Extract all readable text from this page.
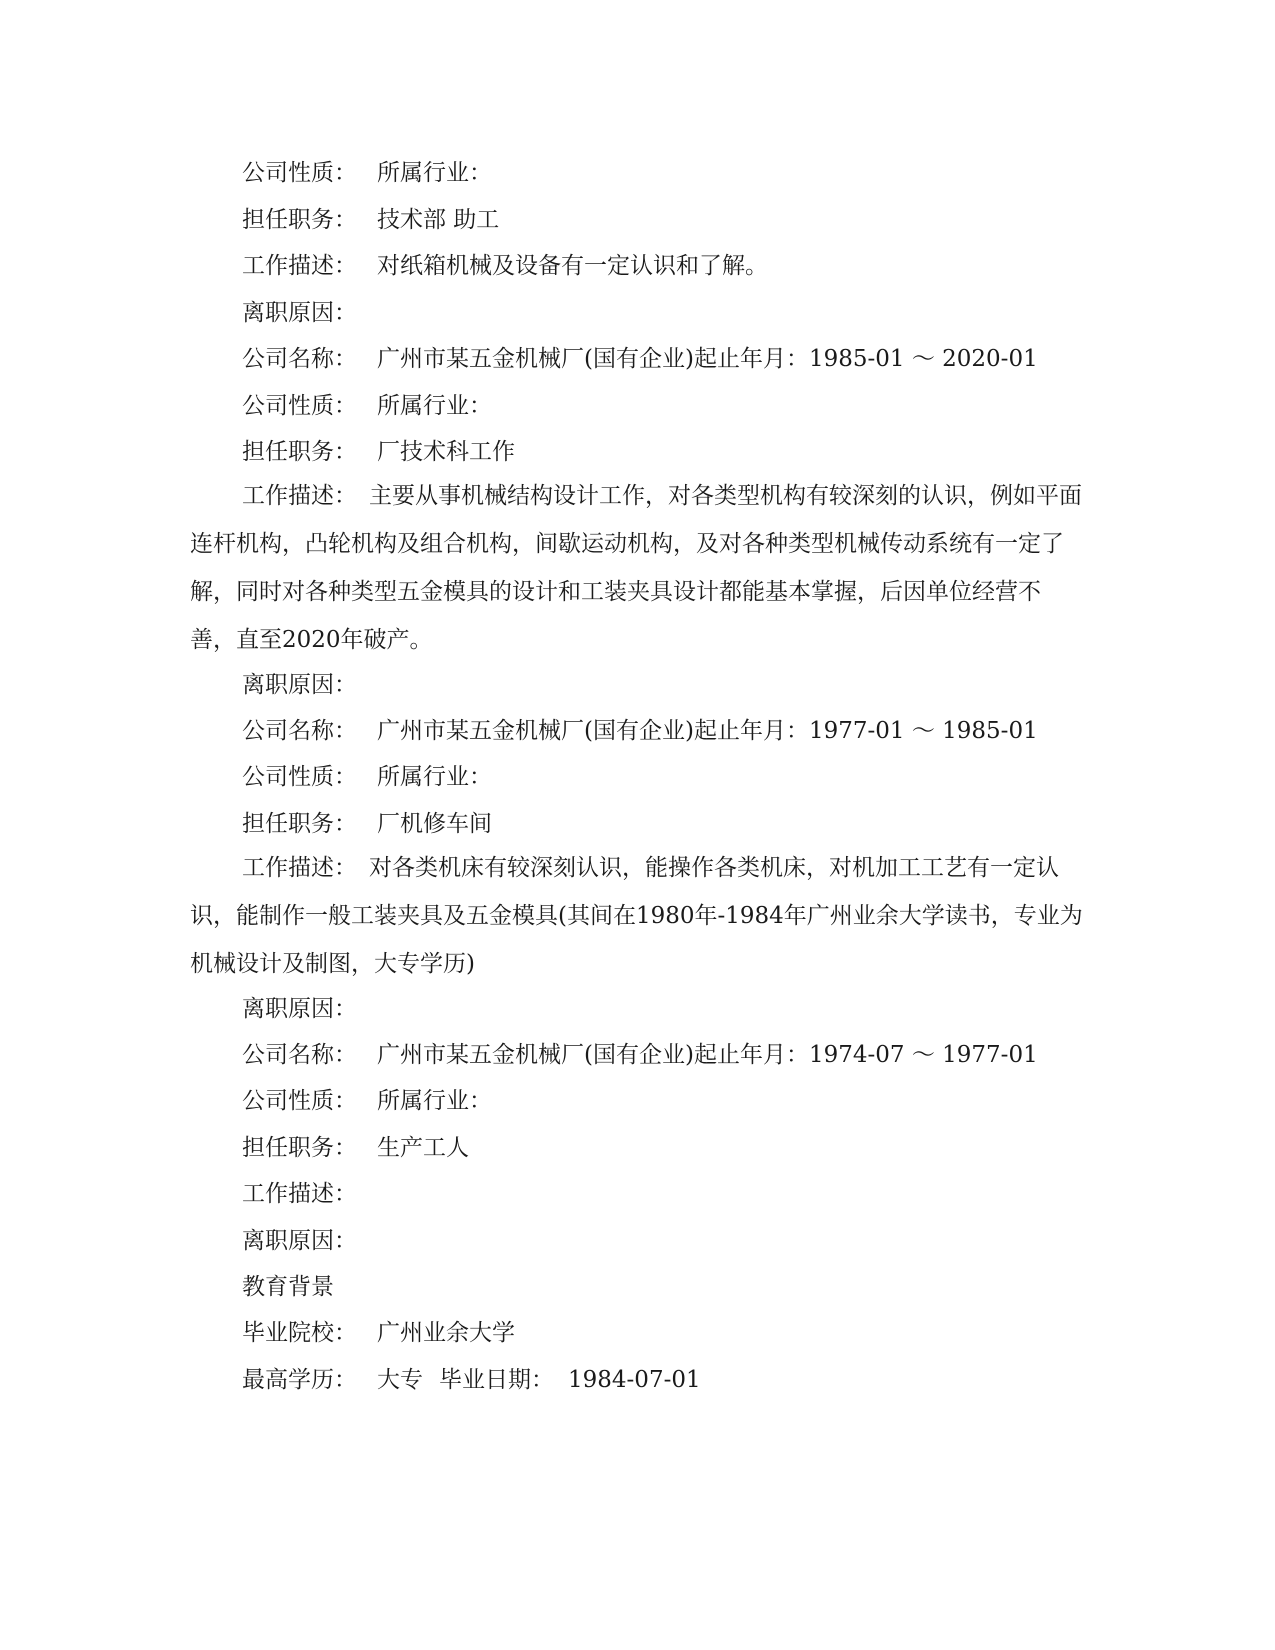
公司性质： 所属行业：
担任职务： 技术部 助工
工作描述： 对纸箱机械及设备有一定认识和了解。
离职原因：
公司名称： 广州市某五金机械厂(国有企业)起止年月：1985-01 ～ 2020-01
公司性质： 所属行业：
担任职务： 厂技术科工作

工作描述： 主要从事机械结构设计工作，对各类型机构有较深刻的认识，例如平面连杆机构，凸轮机构及组合机构，间歇运动机构，及对各种类型机械传动系统有一定了解，同时对各种类型五金模具的设计和工装夹具设计都能基本掌握，后因单位经营不善，直至2020年破产。

离职原因：
公司名称： 广州市某五金机械厂(国有企业)起止年月：1977-01 ～ 1985-01
公司性质： 所属行业：
担任职务： 厂机修车间

工作描述： 对各类机床有较深刻认识，能操作各类机床，对机加工工艺有一定认识，能制作一般工装夹具及五金模具(其间在1980年-1984年广州业余大学读书，专业为机械设计及制图，大专学历)

离职原因：
公司名称： 广州市某五金机械厂(国有企业)起止年月：1974-07 ～ 1977-01
公司性质： 所属行业：
担任职务： 生产工人
工作描述：
离职原因：
教育背景
毕业院校： 广州业余大学
最高学历： 大专 毕业日期： 1984-07-01
